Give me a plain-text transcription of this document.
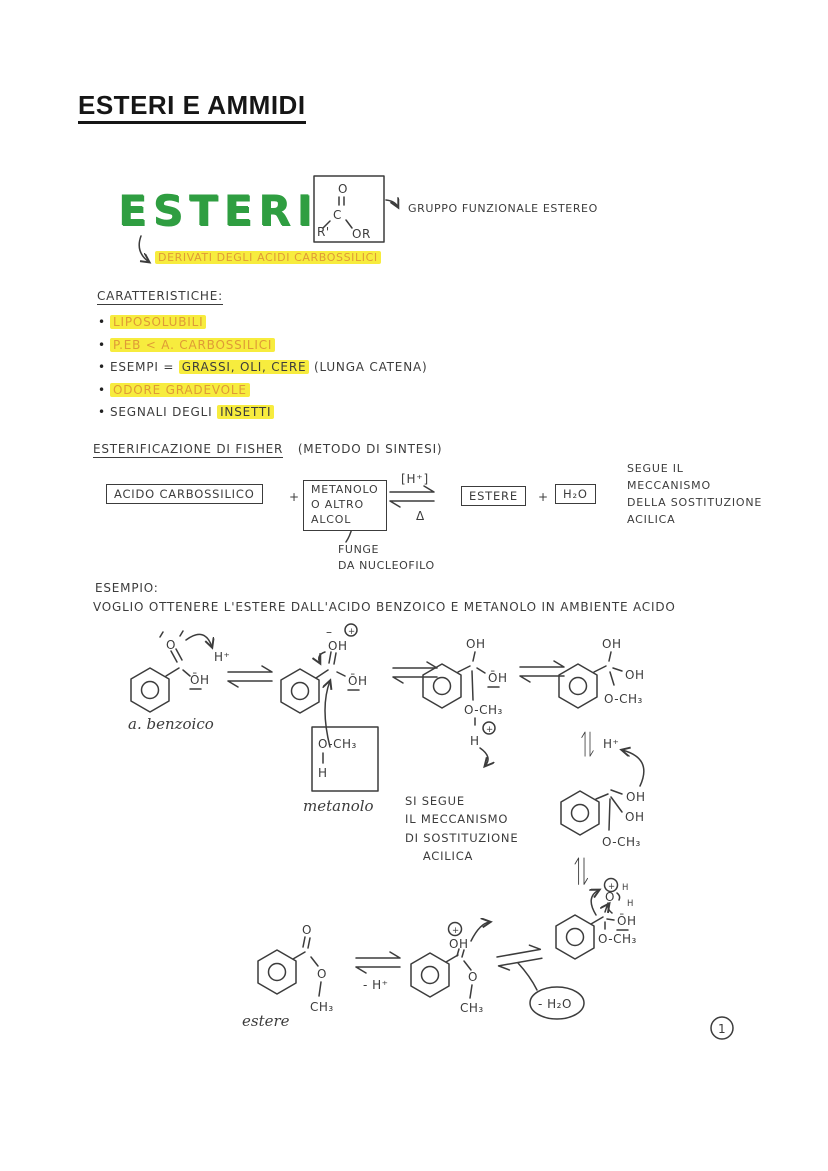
O
C
R' OR
O
ŌH
H⁺
a. benzoico
OH
– +
ŌH
O-CH₃
H
metanolo
OH
ŌH
O-CH₃
+
H
OH
OH
O-CH₃
H⁺
OH
OH
O-CH₃
+
O
H
H
ŌH
O-CH₃
O
O
CH₃
estere
- H⁺
+
OH
O
CH₃	- H₂O
1
ESTERI E AMMIDI
ESTERI	GRUPPO FUNZIONALE ESTEREO
DERIVATI DEGLI ACIDI CARBOSSILICI
CARATTERISTICHE:
• LIPOSOLUBILI
• P.EB < A. CARBOSSILICI
• ESEMPI = GRASSI, OLI, CERE (LUNGA CATENA)
• ODORE GRADEVOLE
• SEGNALI DEGLI INSETTI
ESTERIFICAZIONE DI FISHER (METODO DI SINTESI)
ACIDO CARBOSSILICO	+
METANOLO
O ALTRO
ALCOL
[H⁺]
Δ
ESTERE	+	H₂O
FUNGE
DA NUCLEOFILO
SEGUE IL
MECCANISMO
DELLA SOSTITUZIONE
ACILICA
ESEMPIO:
VOGLIO OTTENERE L'ESTERE DALL'ACIDO BENZOICO E METANOLO IN AMBIENTE ACIDO
SI SEGUE
IL MECCANISMO
DI SOSTITUZIONE
ACILICA
